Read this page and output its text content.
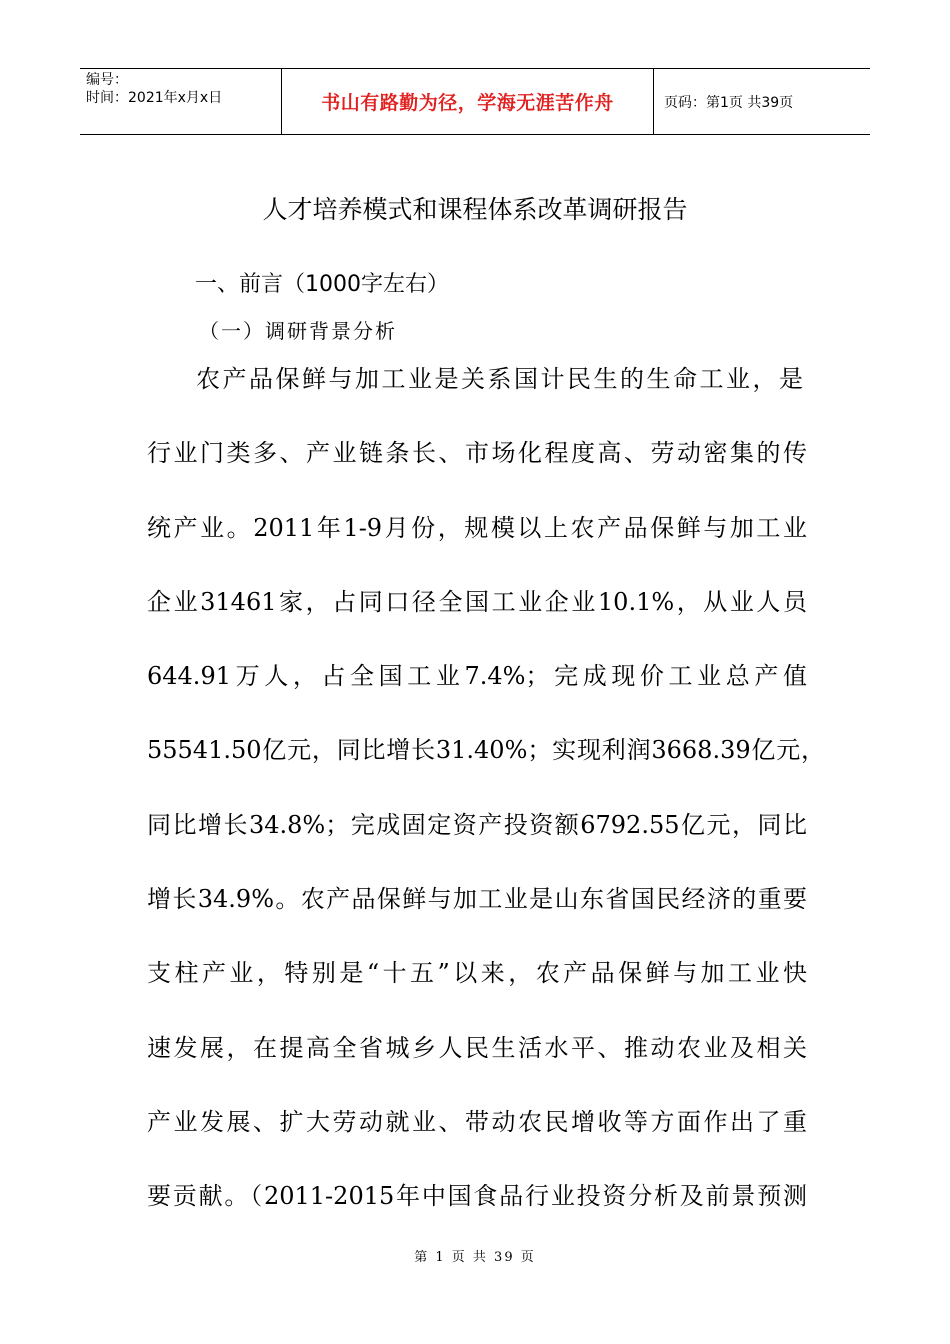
编号：
时间：2021年x月x日	书山有路勤为径，学海无涯苦作舟	页码：第1页 共39页
人才培养模式和课程体系改革调研报告
一、前言（1000字左右）
（一）调研背景分析
农产品保鲜与加工业是关系国计民生的生命工业，是
行业门类多、产业链条长、市场化程度高、劳动密集的传
统产业。2011年1-9月份，规模以上农产品保鲜与加工业
企业31461家，占同口径全国工业企业10.1%，从业人员
644.91万人，占全国工业7.4%；完成现价工业总产值
55541.50亿元，同比增长31.40%；实现利润3668.39亿元，
同比增长34.8%；完成固定资产投资额6792.55亿元，同比
增长34.9%。农产品保鲜与加工业是山东省国民经济的重要
支柱产业，特别是“十五”以来，农产品保鲜与加工业快
速发展，在提高全省城乡人民生活水平、推动农业及相关
产业发展、扩大劳动就业、带动农民增收等方面作出了重
要贡献。（2011-2015年中国食品行业投资分析及前景预测
第 1 页 共 39 页
